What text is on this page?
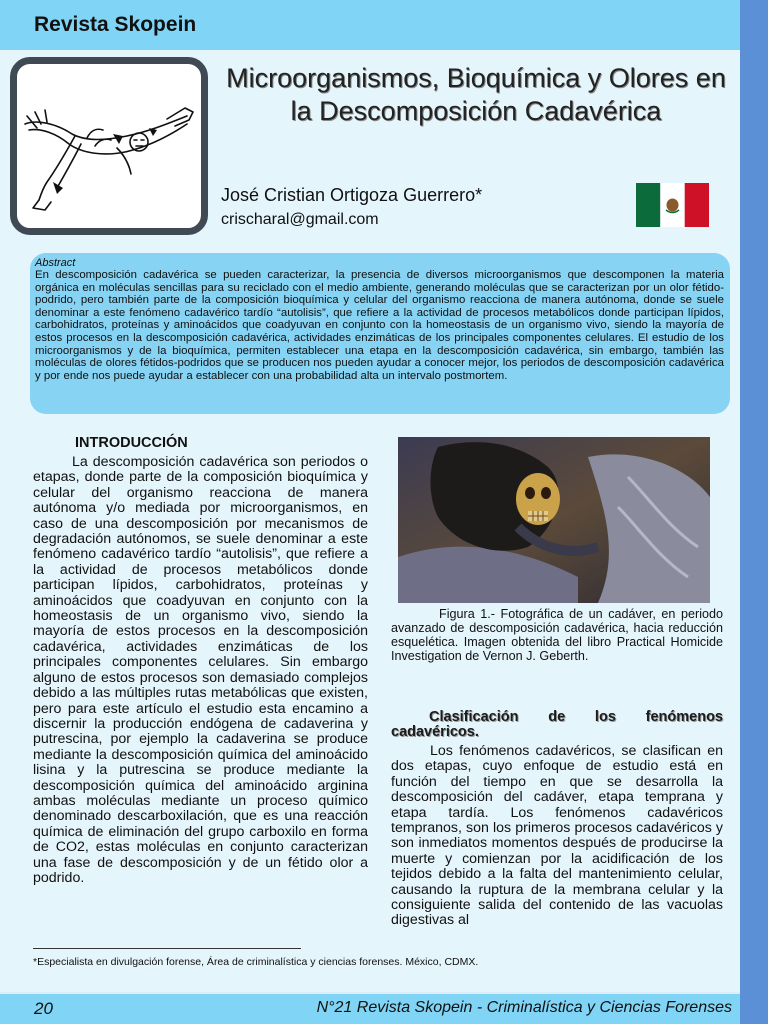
Revista Skopein
Microorganismos, Bioquímica y Olores en la Descomposición Cadavérica
José Cristian Ortigoza Guerrero*
crischaral@gmail.com
Abstract
En descomposición cadavérica se pueden caracterizar, la presencia de diversos microorganismos que descomponen la materia orgánica en moléculas sencillas para su reciclado con el medio ambiente, generando moléculas que se caracterizan por un olor fétido-podrido, pero también parte de la composición bioquímica y celular del organismo reacciona de manera autónoma, donde se suele denominar a este fenómeno cadavérico tardío “autolisis”, que refiere a la actividad de procesos metabólicos donde participan lípidos, carbohidratos, proteínas y aminoácidos que coadyuvan en conjunto con la homeostasis de un organismo vivo, siendo la mayoría de estos procesos en la descomposición cadavérica, actividades enzimáticas de los principales componentes celulares. El estudio de los microorganismos y de la bioquímica, permiten establecer una etapa en la descomposición cadavérica, sin embargo, también las moléculas de olores fétidos-podridos que se producen nos pueden ayudar a conocer mejor, los periodos de descomposición cadavérica y por ende nos puede ayudar a establecer con una probabilidad alta un intervalo postmortem.
INTRODUCCIÓN

La descomposición cadavérica son periodos o etapas, donde parte de la composición bioquímica y celular del organismo reacciona de manera autónoma y/o mediada por microorganismos, en caso de una descomposición por mecanismos de degradación autónomos, se suele denominar a este fenómeno cadavérico tardío “autolisis”, que refiere a la actividad de procesos metabólicos donde participan lípidos, carbohidratos, proteínas y aminoácidos que coadyuvan en conjunto con la homeostasis de un organismo vivo, siendo la mayoría de estos procesos en la descomposición cadavérica, actividades enzimáticas de los principales componentes celulares. Sin embargo alguno de estos procesos son demasiado complejos debido a las múltiples rutas metabólicas que existen, pero para este artículo el estudio esta encamino a discernir la producción endógena de cadaverina y putrescina, por ejemplo la cadaverina se produce mediante la descomposición química del aminoácido lisina y la putrescina se produce mediante la descomposición química del aminoácido arginina ambas moléculas mediante un proceso químico denominado descarboxilación, que es una reacción química de eliminación del grupo carboxilo en forma de CO2, estas moléculas en conjunto caracterizan una fase de descomposición y de un fétido olor a podrido.

Figura 1.- Fotográfica de un cadáver, en periodo avanzado de descomposición cadavérica, hacia reducción esquelética. Imagen obtenida del libro Practical Homicide Investigation de Vernon J. Geberth.

Clasificación de los fenómenos cadavéricos.

Los fenómenos cadavéricos, se clasifican en dos etapas, cuyo enfoque de estudio está en función del tiempo en que se desarrolla la descomposición del cadáver, etapa temprana y etapa tardía. Los fenómenos cadavéricos tempranos, son los primeros procesos cadavéricos y son inmediatos momentos después de producirse la muerte y comienzan por la acidificación de los tejidos debido a la falta del mantenimiento celular, causando la ruptura de la membrana celular y la consiguiente salida del contenido de las vacuolas digestivas al

*Especialista en divulgación forense, Área de criminalística y ciencias forenses. México, CDMX.
20	N°21 Revista Skopein - Criminalística y Ciencias Forenses
